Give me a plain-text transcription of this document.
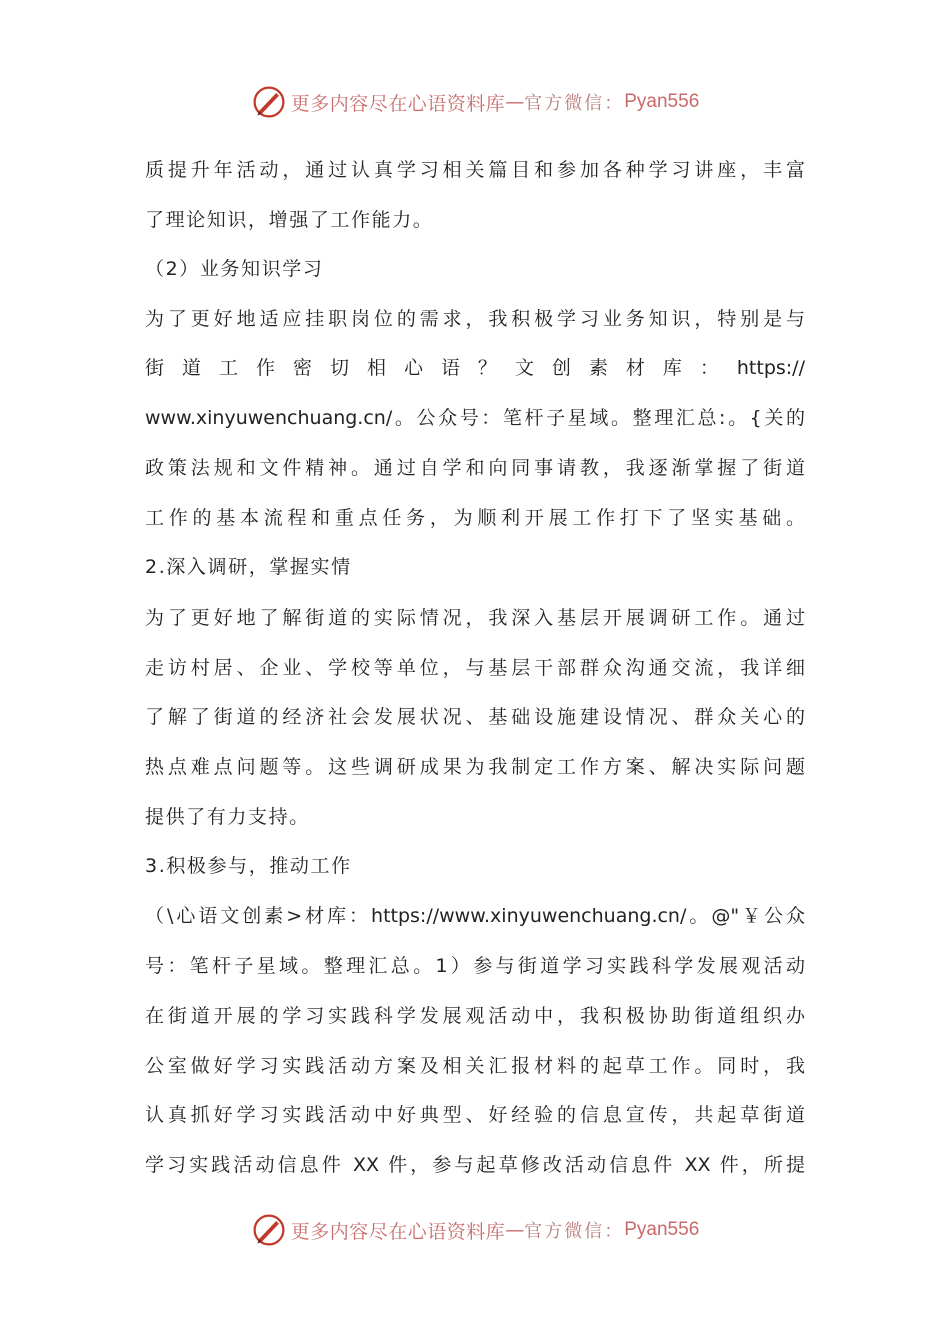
更多内容尽在心语资料库 — 官方微信： Pyan556
质提升年活动，通过认真学习相关篇目和参加各种学习讲座，丰富
了理论知识，增强了工作能力。
（2）业务知识学习
为了更好地适应挂职岗位的需求，我积极学习业务知识，特别是与
街 道 工 作 密 切 相 心 语 ？ 文 创 素 材 库 ： https://
www.xinyuwenchuang.cn/。公众号：笔杆子星域。整理汇总:。{关的
政策法规和文件精神。通过自学和向同事请教，我逐渐掌握了街道
工作的基本流程和重点任务，为顺利开展工作打下了坚实基础。
2.深入调研，掌握实情
为了更好地了解街道的实际情况，我深入基层开展调研工作。通过
走访村居、企业、学校等单位，与基层干部群众沟通交流，我详细
了解了街道的经济社会发展状况、基础设施建设情况、群众关心的
热点难点问题等。这些调研成果为我制定工作方案、解决实际问题
提供了有力支持。
3.积极参与，推动工作
（\心语文创素>材库：https://www.xinyuwenchuang.cn/。@"￥公众
号：笔杆子星域。整理汇总。1）参与街道学习实践科学发展观活动
在街道开展的学习实践科学发展观活动中，我积极协助街道组织办
公室做好学习实践活动方案及相关汇报材料的起草工作。同时，我
认真抓好学习实践活动中好典型、好经验的信息宣传，共起草街道
学习实践活动信息件 XX 件，参与起草修改活动信息件 XX 件，所提
更多内容尽在心语资料库 — 官方微信： Pyan556
